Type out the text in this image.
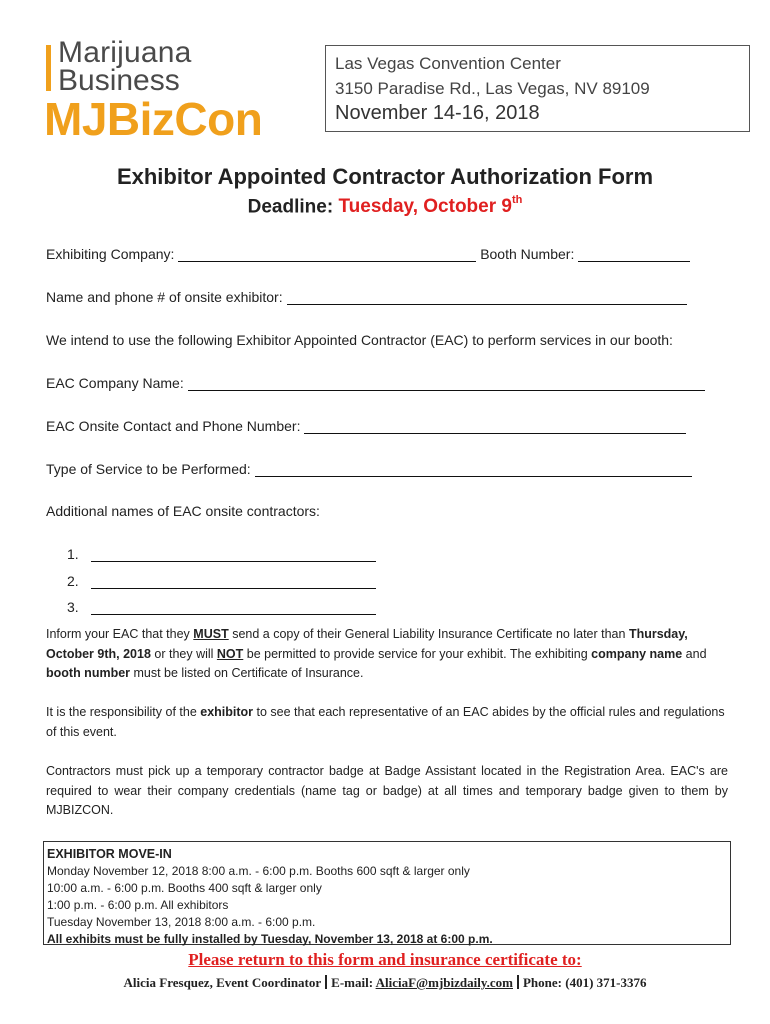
Marijuana
Business
MJBizCon
Las Vegas Convention Center
3150 Paradise Rd., Las Vegas, NV 89109
November 14-16, 2018
Exhibitor Appointed Contractor Authorization Form
Deadline: Tuesday, October 9th
Exhibiting Company:	Booth Number:
Name and phone # of onsite exhibitor:
We intend to use the following Exhibitor Appointed Contractor (EAC) to perform services in our booth:
EAC Company Name:
EAC Onsite Contact and Phone Number:
Type of Service to be Performed:
Additional names of EAC onsite contractors:
1.
2.
3.
Inform your EAC that they MUST send a copy of their General Liability Insurance Certificate no later than Thursday, October 9th, 2018 or they will NOT be permitted to provide service for your exhibit. The exhibiting company name and booth number must be listed on Certificate of Insurance.
It is the responsibility of the exhibitor to see that each representative of an EAC abides by the official rules and regulations of this event.
Contractors must pick up a temporary contractor badge at Badge Assistant located in the Registration Area. EAC's are required to wear their company credentials (name tag or badge) at all times and temporary badge given to them by MJBIZCON.
EXHIBITOR MOVE-IN
Monday November 12, 2018 8:00 a.m. - 6:00 p.m. Booths 600 sqft & larger only
10:00 a.m. - 6:00 p.m. Booths 400 sqft & larger only
1:00 p.m. - 6:00 p.m. All exhibitors
Tuesday November 13, 2018 8:00 a.m. - 6:00 p.m.
All exhibits must be fully installed by Tuesday, November 13, 2018 at 6:00 p.m.
Please return to this form and insurance certificate to:
Alicia Fresquez, Event Coordinator E-mail: AliciaF@mjbizdaily.com Phone: (401) 371-3376
